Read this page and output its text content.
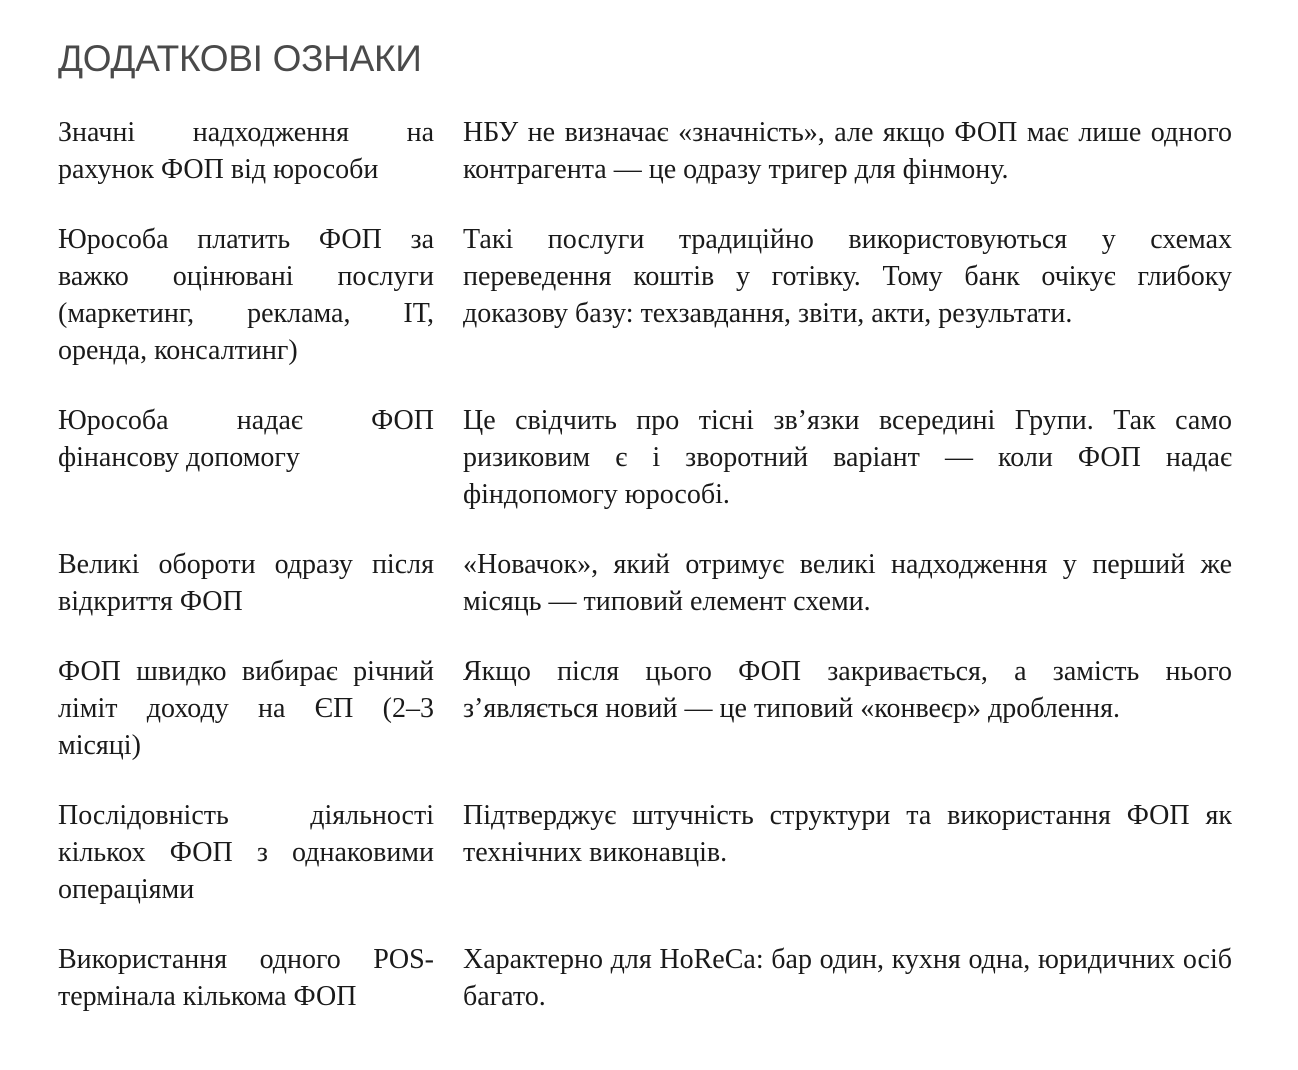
ДОДАТКОВІ ОЗНАКИ
Значні надходження на рахунок ФОП від юрособи	НБУ не визначає «значність», але якщо ФОП має лише одного контрагента — це одразу тригер для фінмону.
Юрособа платить ФОП за важко оцінювані послуги (маркетинг, реклама, ІТ, оренда, консалтинг)	Такі послуги традиційно використовуються у схемах переведення коштів у готівку. Тому банк очікує глибоку доказову базу: техзавдання, звіти, акти, результати.
Юрособа надає ФОП фінансову допомогу	Це свідчить про тісні зв’язки всередині Групи. Так само ризиковим є і зворотний варіант — коли ФОП надає фіндопомогу юрособі.
Великі обороти одразу після відкриття ФОП	«Новачок», який отримує великі надходження у перший же місяць — типовий елемент схеми.
ФОП швидко вибирає річний ліміт доходу на ЄП (2–3 місяці)	Якщо після цього ФОП закривається, а замість нього з’являється новий — це типовий «конвеєр» дроблення.
Послідовність діяльності кількох ФОП з однаковими операціями	Підтверджує штучність структури та використання ФОП як технічних виконавців.
Використання одного POS-термінала кількома ФОП	Характерно для HoReCa: бар один, кухня одна, юридичних осіб багато.
